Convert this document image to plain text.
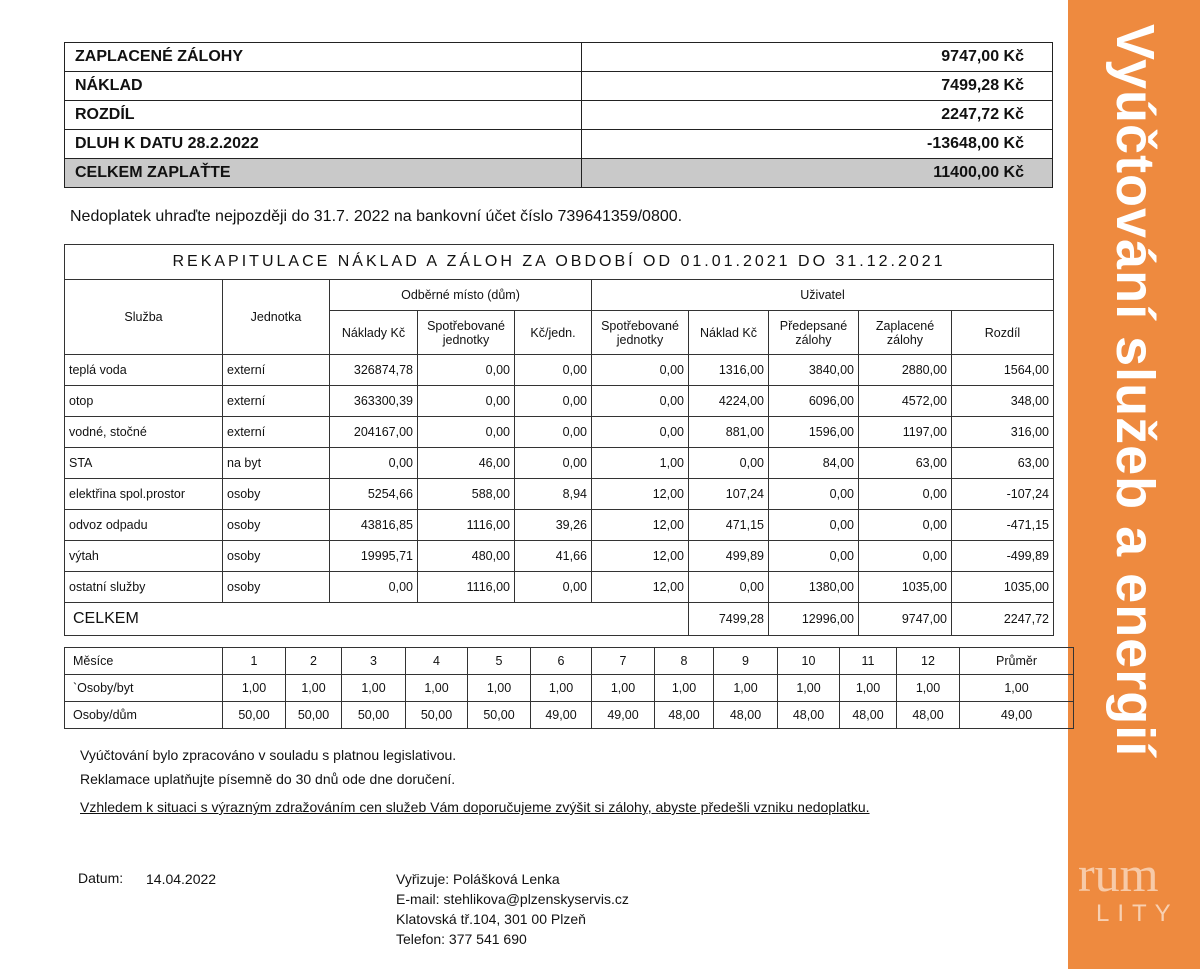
Vyúčtování služeb a energií
rum
LITY
ZAPLACENÉ ZÁLOHY	9747,00 Kč
NÁKLAD	7499,28 Kč
ROZDÍL	2247,72 Kč
DLUH K DATU 28.2.2022	-13648,00 Kč
CELKEM ZAPLAŤTE	11400,00 Kč
Nedoplatek uhraďte nejpozději do 31.7. 2022 na bankovní účet číslo 739641359/0800.
REKAPITULACE NÁKLAD A ZÁLOH ZA OBDOBÍ OD 01.01.2021 DO 31.12.2021									
Služba	Jednotka	Odběrné místo (dům)			Uživatel				
		Náklady Kč	Spotřebované jednotky	Kč/jedn.	Spotřebované jednotky	Náklad Kč	Předepsané zálohy	Zaplacené zálohy	Rozdíl
teplá voda	externí	326874,78	0,00	0,00	0,00	1316,00	3840,00	2880,00	1564,00
otop	externí	363300,39	0,00	0,00	0,00	4224,00	6096,00	4572,00	348,00
vodné, stočné	externí	204167,00	0,00	0,00	0,00	881,00	1596,00	1197,00	316,00
STA	na byt	0,00	46,00	0,00	1,00	0,00	84,00	63,00	63,00
elektřina spol.prostor	osoby	5254,66	588,00	8,94	12,00	107,24	0,00	0,00	-107,24
odvoz odpadu	osoby	43816,85	1116,00	39,26	12,00	471,15	0,00	0,00	-471,15
výtah	osoby	19995,71	480,00	41,66	12,00	499,89	0,00	0,00	-499,89
ostatní služby	osoby	0,00	1116,00	0,00	12,00	0,00	1380,00	1035,00	1035,00
CELKEM						7499,28	12996,00	9747,00	2247,72
Měsíce	1	2	3	4	5	6	7	8	9	10	11	12	Průměr
`Osoby/byt	1,00	1,00	1,00	1,00	1,00	1,00	1,00	1,00	1,00	1,00	1,00	1,00	1,00
Osoby/dům	50,00	50,00	50,00	50,00	50,00	49,00	49,00	48,00	48,00	48,00	48,00	48,00	49,00
Vyúčtování bylo zpracováno v souladu s platnou legislativou.
Reklamace uplatňujte písemně do 30 dnů ode dne doručení.
Vzhledem k situaci s výrazným zdražováním cen služeb Vám doporučujeme zvýšit si zálohy, abyste předešli vzniku nedoplatku.
Datum: 14.04.2022	Vyřizuje: Polášková Lenka
E-mail: stehlikova@plzenskyservis.cz
Klatovská tř.104, 301 00 Plzeň
Telefon: 377 541 690
